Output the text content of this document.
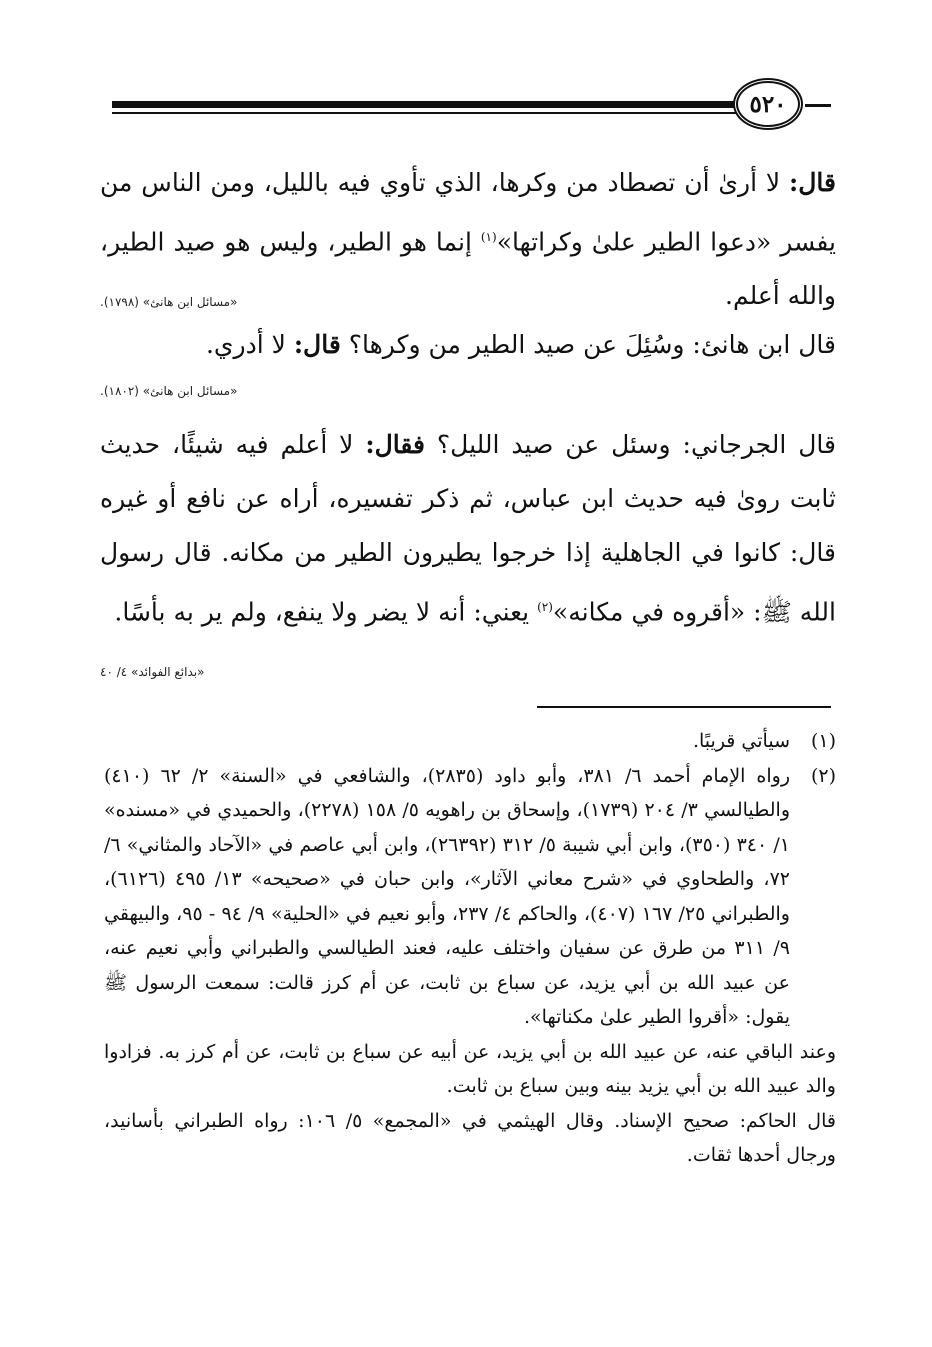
٥٢٠

قال: لا أرىٰ أن تصطاد من وكرها، الذي تأوي فيه بالليل، ومن الناس من يفسر «دعوا الطير علىٰ وكراتها»$^{(١)}$ إنما هو الطير، وليس هو صيد الطير، والله أعلم.
«مسائل ابن هانئ» (١٧٩٨).

قال ابن هانئ: وسُئِلَ عن صيد الطير من وكرها؟ قال: لا أدري.

«مسائل ابن هانئ» (١٨٠٢).

قال الجرجاني: وسئل عن صيد الليل؟ فقال: لا أعلم فيه شيئًا، حديث ثابت روىٰ فيه حديث ابن عباس، ثم ذكر تفسيره، أراه عن نافع أو غيره قال: كانوا في الجاهلية إذا خرجوا يطيرون الطير من مكانه. قال رسول الله ﷺ: «أقروه في مكانه»$^{(٢)}$ يعني: أنه لا يضر ولا ينفع، ولم ير به بأسًا.
«بدائع الفوائد» ٤/ ٤٠

(١)
سيأتي قريبًا.
(٢)
رواه الإمام أحمد ٦/ ٣٨١، وأبو داود (٢٨٣٥)، والشافعي في «السنة» ٢/ ٦٢ (٤١٠) والطيالسي ٣/ ٢٠٤ (١٧٣٩)، وإسحاق بن راهويه ٥/ ١٥٨ (٢٢٧٨)، والحميدي في «مسنده» ١/ ٣٤٠ (٣٥٠)، وابن أبي شيبة ٥/ ٣١٢ (٢٦٣٩٢)، وابن أبي عاصم في «الآحاد والمثاني» ٦/ ٧٢، والطحاوي في «شرح معاني الآثار»، وابن حبان في «صحيحه» ١٣/ ٤٩٥ (٦١٢٦)، والطبراني ٢٥/ ١٦٧ (٤٠٧)، والحاكم ٤/ ٢٣٧، وأبو نعيم في «الحلية» ٩/ ٩٤ - ٩٥، والبيهقي ٩/ ٣١١ من طرق عن سفيان واختلف عليه، فعند الطيالسي والطبراني وأبي نعيم عنه، عن عبيد الله بن أبي يزيد، عن سباع بن ثابت، عن أم كرز قالت: سمعت الرسول ﷺ يقول: «أقروا الطير علىٰ مكناتها».
وعند الباقي عنه، عن عبيد الله بن أبي يزيد، عن أبيه عن سباع بن ثابت، عن أم كرز به. فزادوا والد عبيد الله بن أبي يزيد بينه وبين سباع بن ثابت.
قال الحاكم: صحيح الإسناد. وقال الهيثمي في «المجمع» ٥/ ١٠٦: رواه الطبراني بأسانيد، ورجال أحدها ثقات.
